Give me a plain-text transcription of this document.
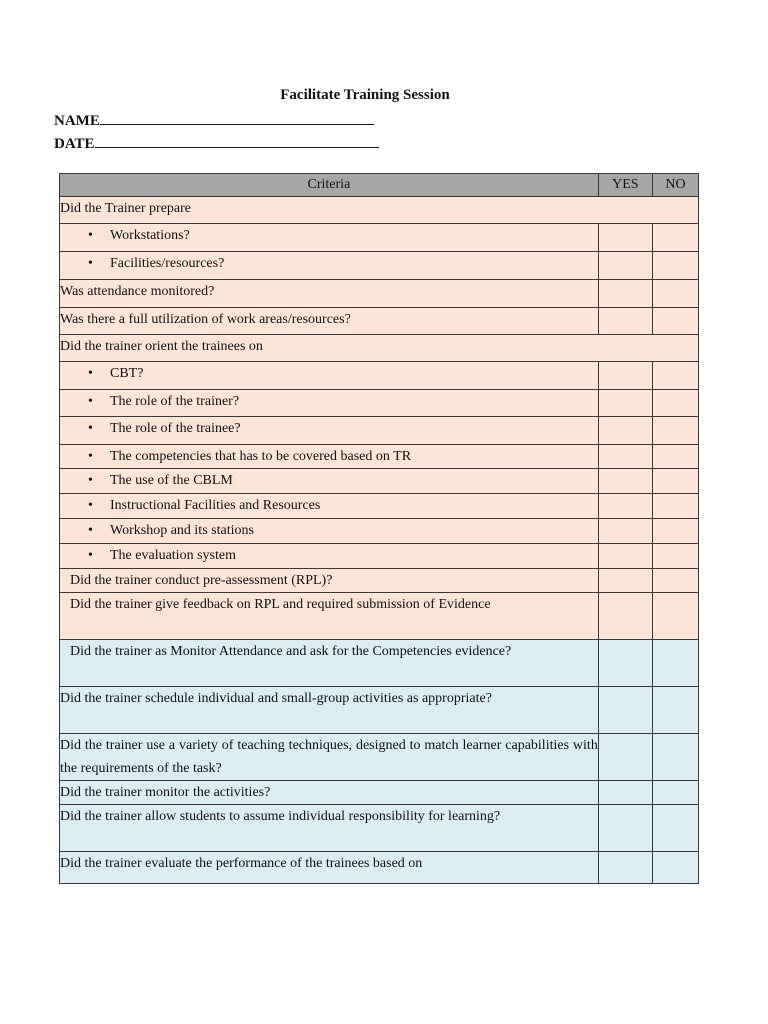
Facilitate Training Session
NAME
DATE
Criteria	YES	NO
Did the Trainer prepare		
• Workstations?		
• Facilities/resources?		
Was attendance monitored?		
Was there a full utilization of work areas/resources?		
Did the trainer orient the trainees on		
• CBT?		
• The role of the trainer?		
• The role of the trainee?		
• The competencies that has to be covered based on TR		
• The use of the CBLM		
• Instructional Facilities and Resources		
• Workshop and its stations		
• The evaluation system		
Did the trainer conduct pre-assessment (RPL)?		
Did the trainer give feedback on RPL and required submission of Evidence		
Did the trainer as Monitor Attendance and ask for the Competencies evidence?		
Did the trainer schedule individual and small-group activities as appropriate?		
Did the trainer use a variety of teaching techniques, designed to match learner capabilities with the requirements of the task?		
Did the trainer monitor the activities?		
Did the trainer allow students to assume individual responsibility for learning?		
Did the trainer evaluate the performance of the trainees based on		
